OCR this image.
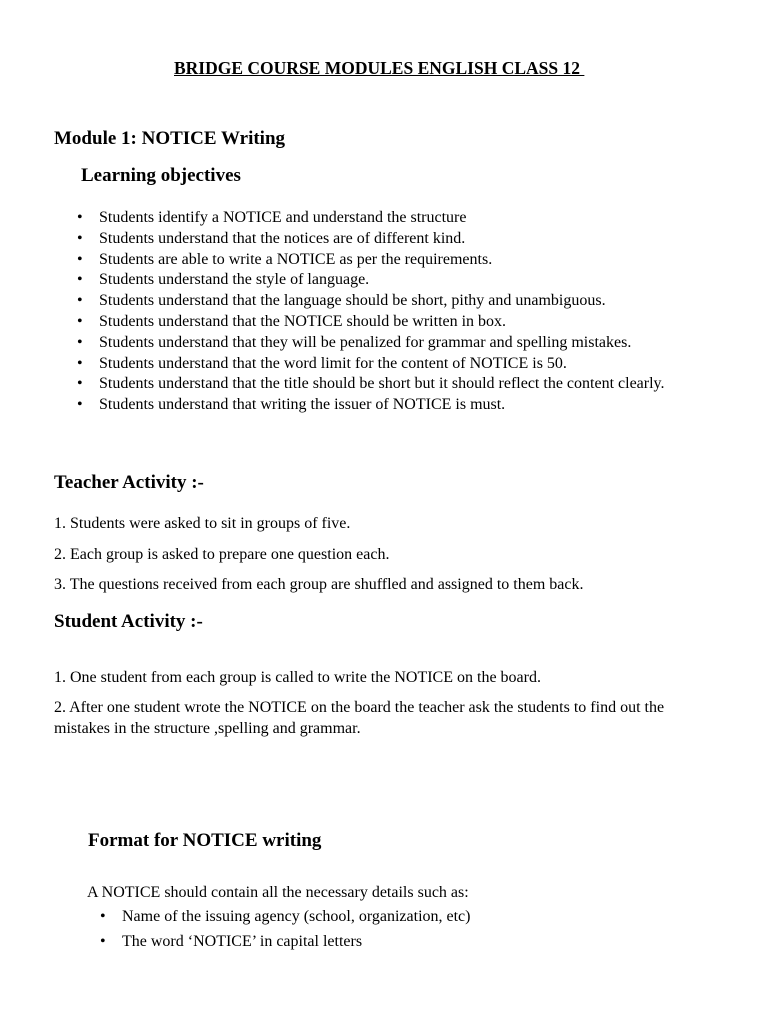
BRIDGE COURSE MODULES ENGLISH CLASS 12
Module 1: NOTICE Writing
Learning objectives
• Students identify a NOTICE and understand the structure
• Students understand that the notices are of different kind.
• Students are able to write a NOTICE as per the requirements.
• Students understand the style of language.
• Students understand that the language should be short, pithy and unambiguous.
• Students understand that the NOTICE should be written in box.
• Students understand that they will be penalized for grammar and spelling mistakes.
• Students understand that the word limit for the content of NOTICE is 50.
• Students understand that the title should be short but it should reflect the content clearly.
• Students understand that writing the issuer of NOTICE is must.
Teacher Activity :-

1. Students were asked to sit in groups of five.

2. Each group is asked to prepare one question each.

3. The questions received from each group are shuffled and assigned to them back.

Student Activity :-

1. One student from each group is called to write the NOTICE on the board.

2. After one student wrote the NOTICE on the board the teacher ask the students to find out the mistakes in the structure ,spelling and grammar.

Format for NOTICE writing

A NOTICE should contain all the necessary details such as:

• Name of the issuing agency (school, organization, etc)
• The word ‘NOTICE’ in capital letters
